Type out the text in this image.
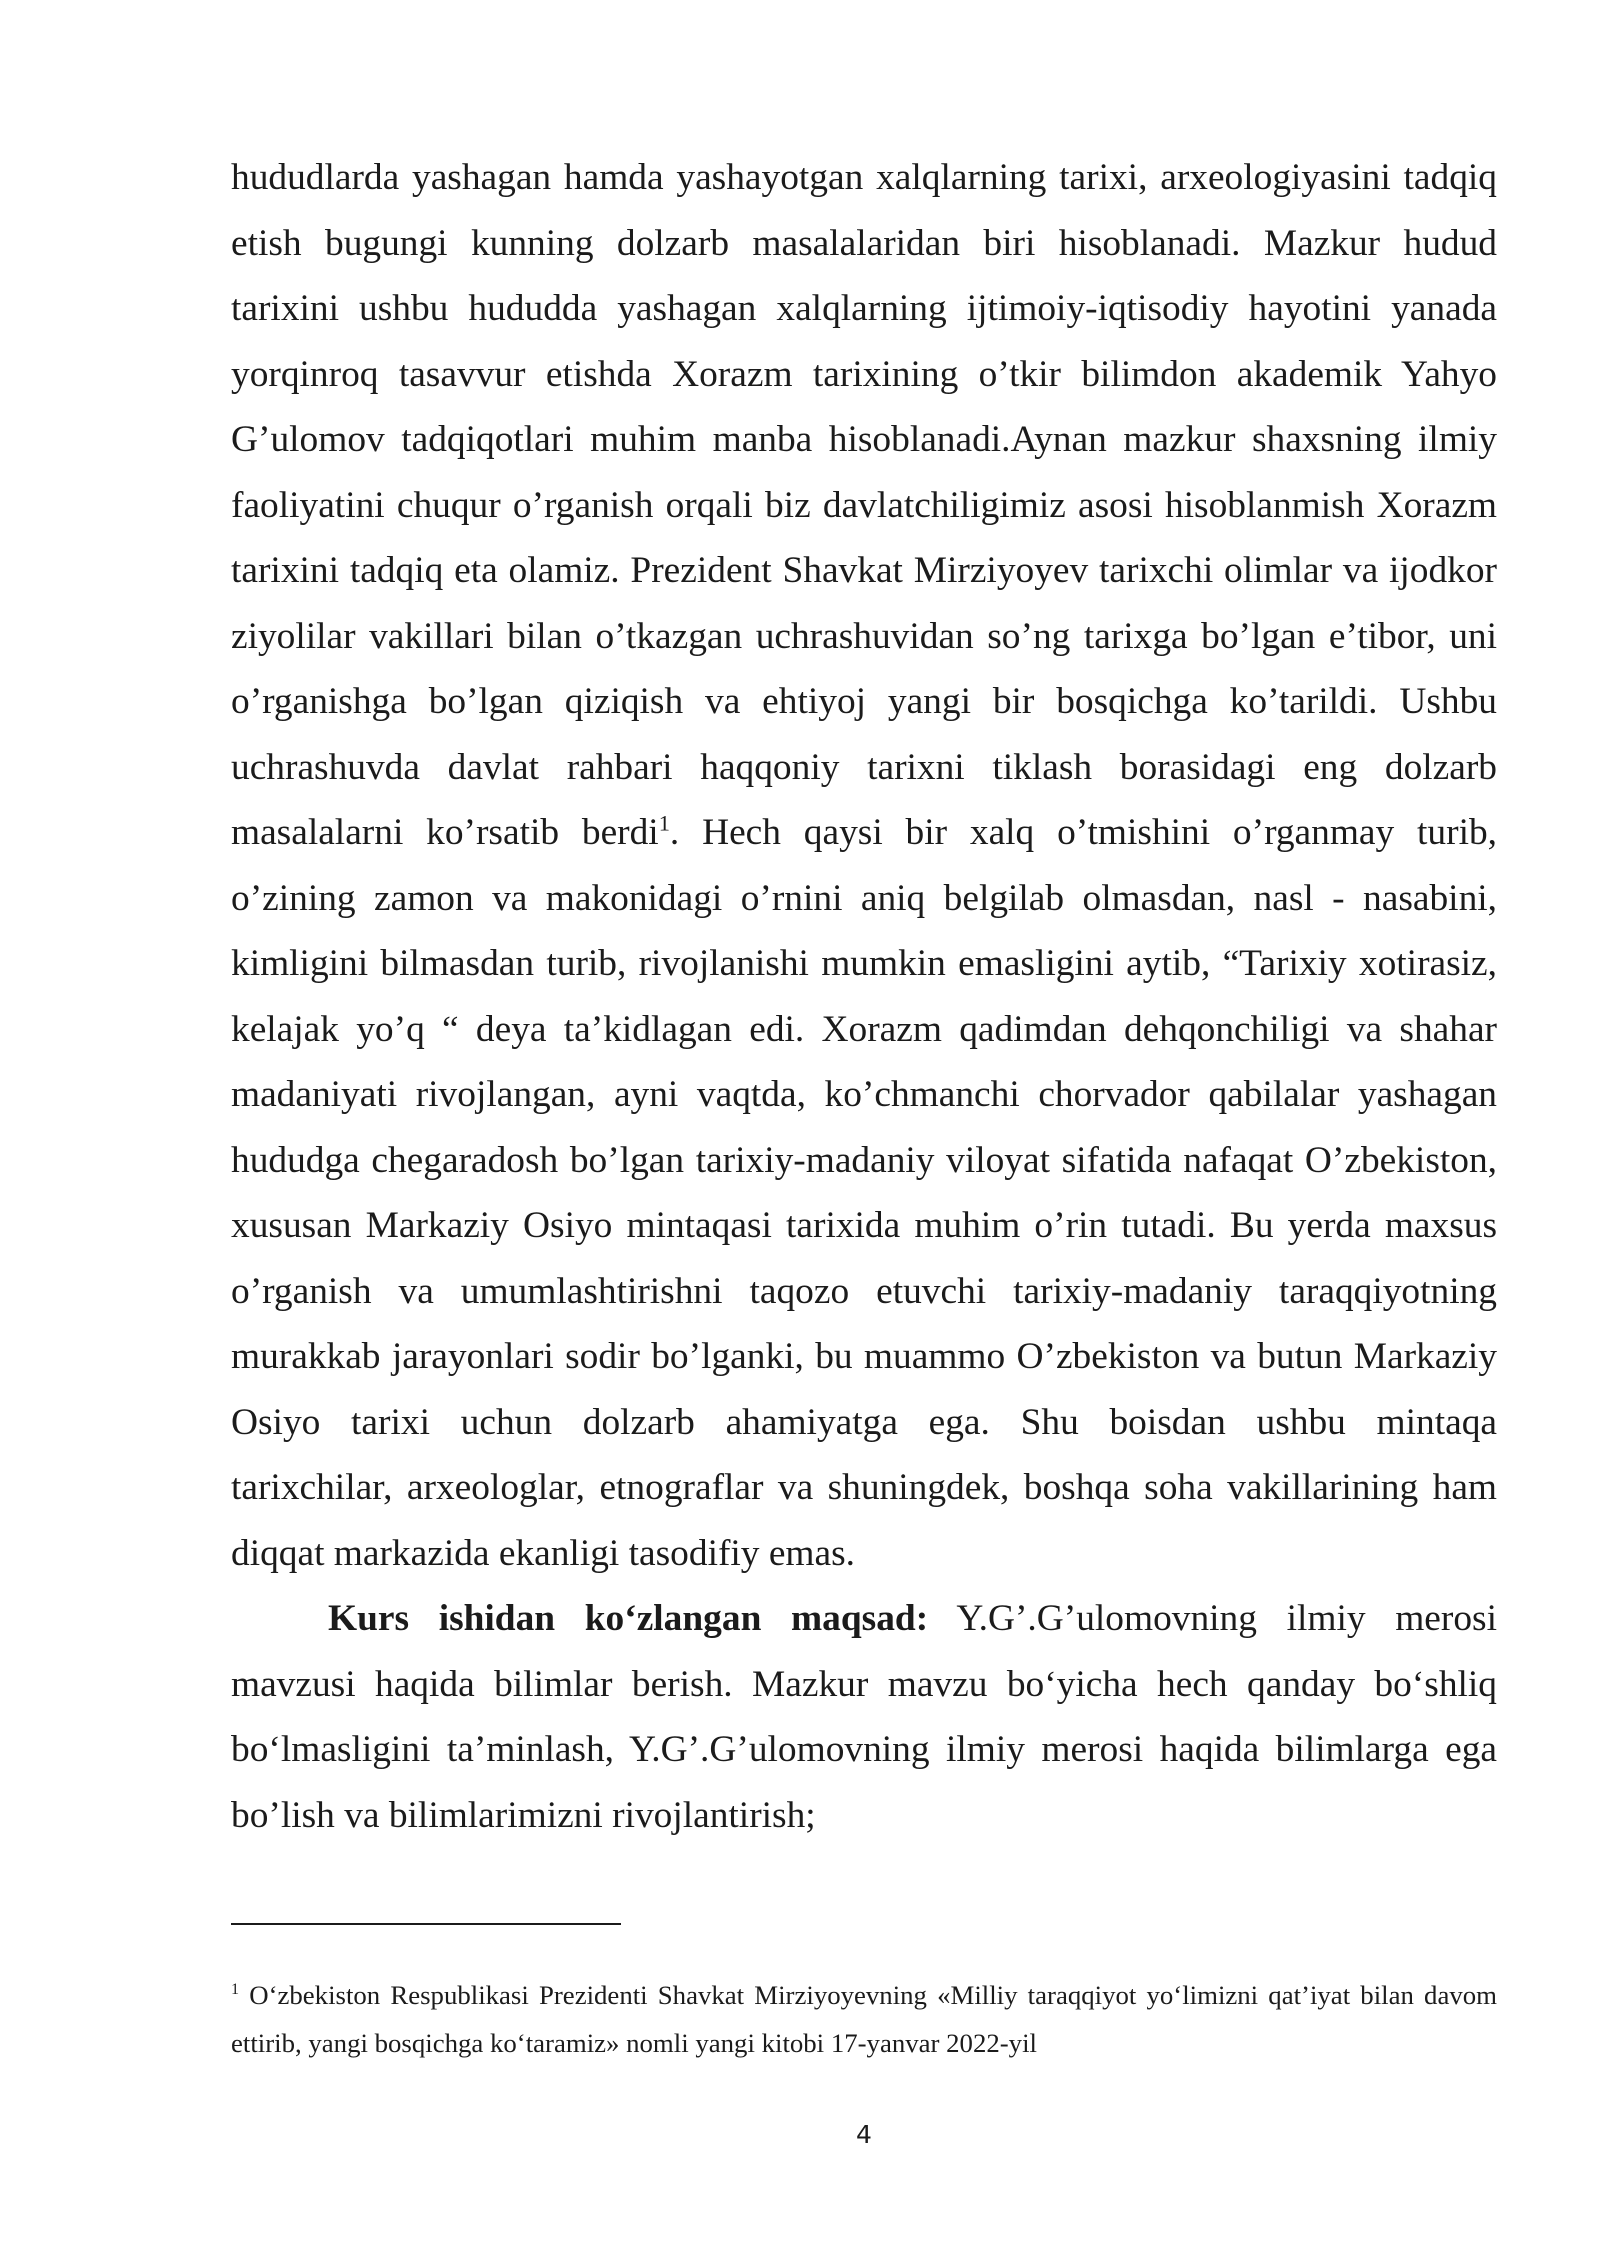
hududlarda yashagan hamda yashayotgan xalqlarning tarixi, arxeologiyasini tadqiq
etish bugungi kunning dolzarb masalalaridan biri hisoblanadi. Mazkur hudud
tarixini ushbu hududda yashagan xalqlarning ijtimoiy-iqtisodiy hayotini yanada
yorqinroq tasavvur etishda Xorazm tarixining o’tkir bilimdon akademik Yahyo
G’ulomov tadqiqotlari muhim manba hisoblanadi.Aynan mazkur shaxsning ilmiy
faoliyatini chuqur o’rganish orqali biz davlatchiligimiz asosi hisoblanmish Xorazm
tarixini tadqiq eta olamiz. Prezident Shavkat Mirziyoyev tarixchi olimlar va ijodkor
ziyolilar vakillari bilan o’tkazgan uchrashuvidan so’ng tarixga bo’lgan e’tibor, uni
o’rganishga bo’lgan qiziqish va ehtiyoj yangi bir bosqichga ko’tarildi. Ushbu
uchrashuvda davlat rahbari haqqoniy tarixni tiklash borasidagi eng dolzarb
masalalarni ko’rsatib berdi$^1$. Hech qaysi bir xalq o’tmishini o’rganmay turib,
o’zining zamon va makonidagi o’rnini aniq belgilab olmasdan, nasl - nasabini,
kimligini bilmasdan turib, rivojlanishi mumkin emasligini aytib, “Tarixiy xotirasiz,
kelajak yo’q “ deya ta’kidlagan edi. Xorazm qadimdan dehqonchiligi va shahar
madaniyati rivojlangan, ayni vaqtda, ko’chmanchi chorvador qabilalar yashagan
hududga chegaradosh bo’lgan tarixiy-madaniy viloyat sifatida nafaqat O’zbekiston,
xususan Markaziy Osiyo mintaqasi tarixida muhim o’rin tutadi. Bu yerda maxsus
o’rganish va umumlashtirishni taqozo etuvchi tarixiy-madaniy taraqqiyotning
murakkab jarayonlari sodir bo’lganki, bu muammo O’zbekiston va butun Markaziy
Osiyo tarixi uchun dolzarb ahamiyatga ega. Shu boisdan ushbu mintaqa
tarixchilar, arxeologlar, etnograflar va shuningdek, boshqa soha vakillarining ham
diqqat markazida ekanligi tasodifiy emas.
Kurs ishidan ko‘zlangan maqsad: Y.G’.G’ulomovning ilmiy merosi
mavzusi haqida bilimlar berish. Mazkur mavzu bo‘yicha hech qanday bo‘shliq
bo‘lmasligini ta’minlash, Y.G’.G’ulomovning ilmiy merosi haqida bilimlarga ega
bo’lish va bilimlarimizni rivojlantirish;
$^1$ O‘zbekiston Respublikasi Prezidenti Shavkat Mirziyoyevning «Milliy taraqqiyot yo‘limizni qat’iyat bilan davom
ettirib, yangi bosqichga ko‘taramiz» nomli yangi kitobi 17-yanvar 2022-yil
4
